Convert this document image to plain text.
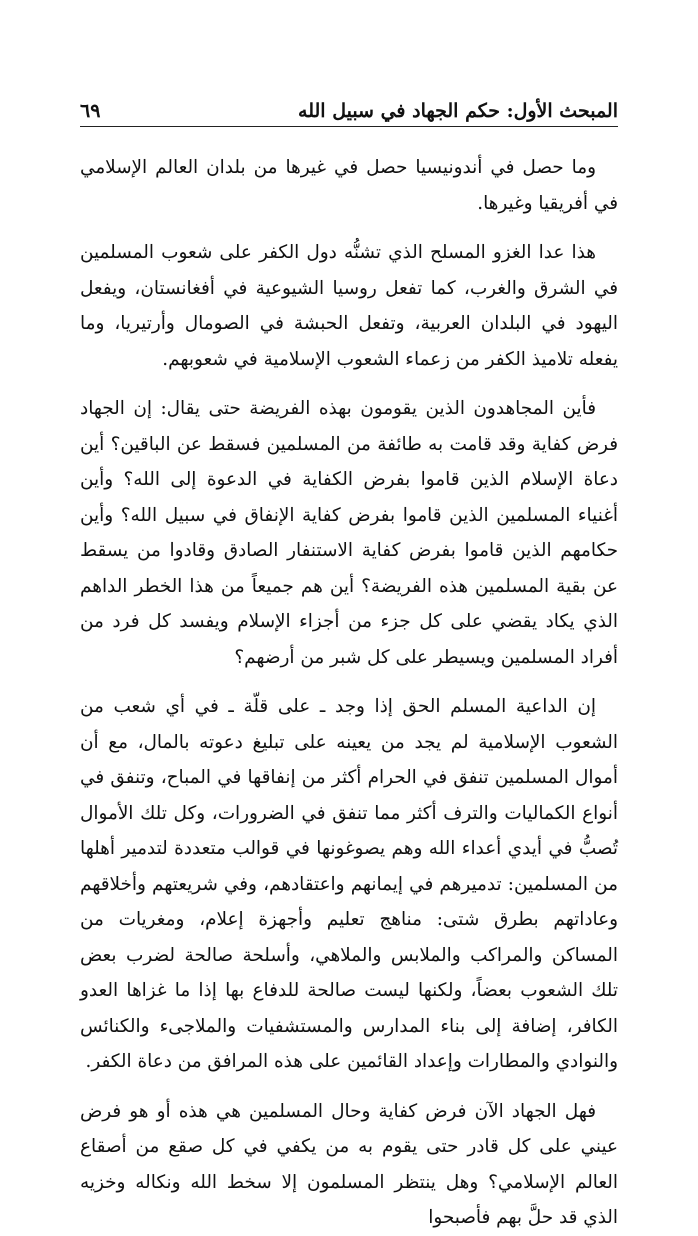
المبحث الأول: حكم الجهاد في سبيل الله
٦٩

وما حصل في أندونيسيا حصل في غيرها من بلدان العالم الإسلامي في أفريقيا وغيرها.

هذا عدا الغزو المسلح الذي تشنُّه دول الكفر على شعوب المسلمين في الشرق والغرب، كما تفعل روسيا الشيوعية في أفغانستان، ويفعل اليهود في البلدان العربية، وتفعل الحبشة في الصومال وأرتيريا، وما يفعله تلاميذ الكفر من زعماء الشعوب الإسلامية في شعوبهم.

فأين المجاهدون الذين يقومون بهذه الفريضة حتى يقال: إن الجهاد فرض كفاية وقد قامت به طائفة من المسلمين فسقط عن الباقين؟ أين دعاة الإسلام الذين قاموا بفرض الكفاية في الدعوة إلى الله؟ وأين أغنياء المسلمين الذين قاموا بفرض كفاية الإنفاق في سبيل الله؟ وأين حكامهم الذين قاموا بفرض كفاية الاستنفار الصادق وقادوا من يسقط عن بقية المسلمين هذه الفريضة؟ أين هم جميعاً من هذا الخطر الداهم الذي يكاد يقضي على كل جزء من أجزاء الإسلام ويفسد كل فرد من أفراد المسلمين ويسيطر على كل شبر من أرضهم؟

إن الداعية المسلم الحق إذا وجد ـ على قلّة ـ في أي شعب من الشعوب الإسلامية لم يجد من يعينه على تبليغ دعوته بالمال، مع أن أموال المسلمين تنفق في الحرام أكثر من إنفاقها في المباح، وتنفق في أنواع الكماليات والترف أكثر مما تنفق في الضرورات، وكل تلك الأموال تُصبُّ في أيدي أعداء الله وهم يصوغونها في قوالب متعددة لتدمير أهلها من المسلمين: تدميرهم في إيمانهم واعتقادهم، وفي شريعتهم وأخلاقهم وعاداتهم بطرق شتى: مناهج تعليم وأجهزة إعلام، ومغريات من المساكن والمراكب والملابس والملاهي، وأسلحة صالحة لضرب بعض تلك الشعوب بعضاً، ولكنها ليست صالحة للدفاع بها إذا ما غزاها العدو الكافر، إضافة إلى بناء المدارس والمستشفيات والملاجىء والكنائس والنوادي والمطارات وإعداد القائمين على هذه المرافق من دعاة الكفر.

فهل الجهاد الآن فرض كفاية وحال المسلمين هي هذه أو هو فرض عيني على كل قادر حتى يقوم به من يكفي في كل صقع من أصقاع العالم الإسلامي؟ وهل ينتظر المسلمون إلا سخط الله ونكاله وخزيه الذي قد حلَّ بهم فأصبحوا
